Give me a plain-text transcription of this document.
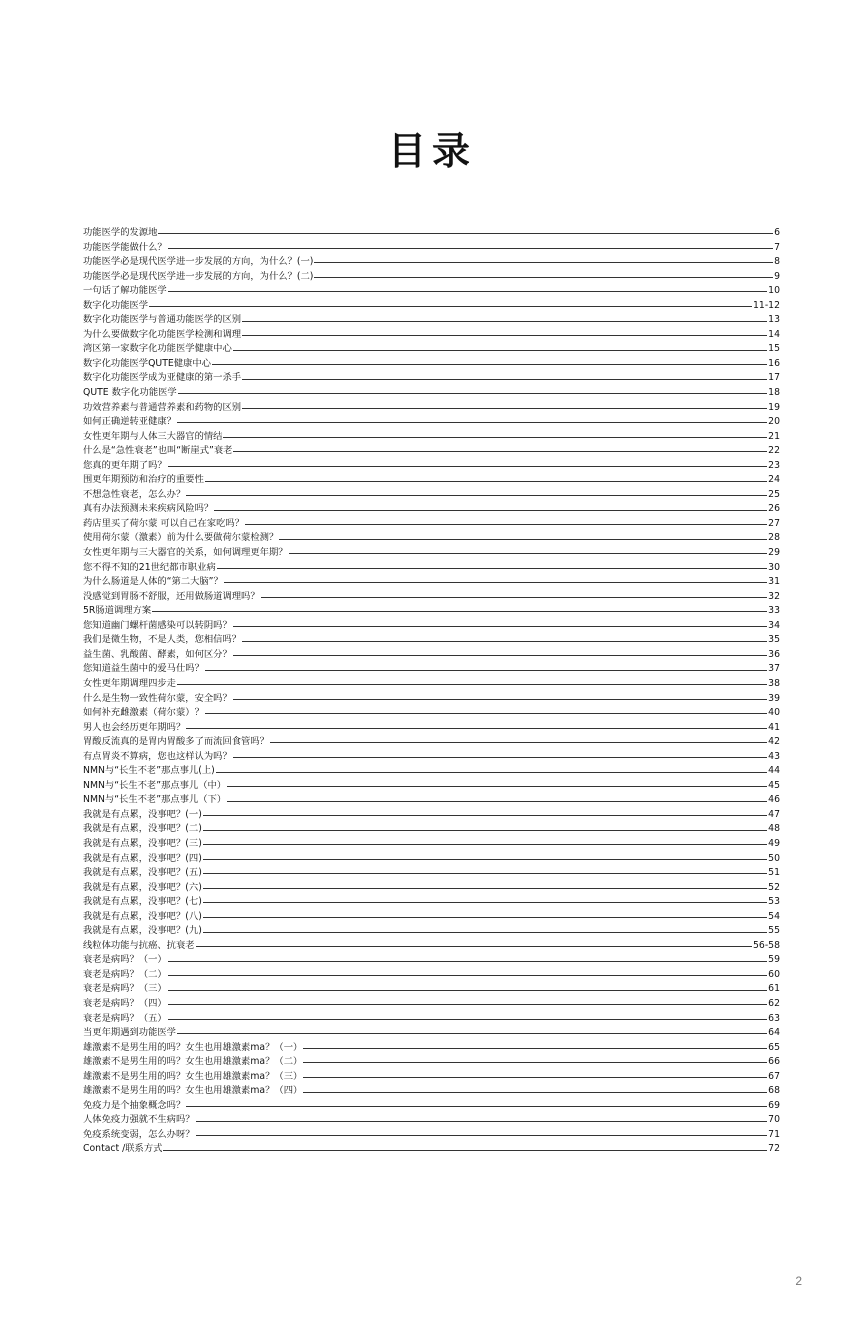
目录
功能医学的发源地	6
功能医学能做什么？	7
功能医学必是现代医学进一步发展的方向，为什么？(一)	8
功能医学必是现代医学进一步发展的方向，为什么？(二)	9
一句话了解功能医学	10
数字化功能医学	11-12
数字化功能医学与普通功能医学的区别	13
为什么要做数字化功能医学检测和调理	14
湾区第一家数字化功能医学健康中心	15
数字化功能医学QUTE健康中心	16
数字化功能医学成为亚健康的第一杀手	17
QUTE 数字化功能医学	18
功效营养素与普通营养素和药物的区别	19
如何正确逆转亚健康？	20
女性更年期与人体三大器官的情结	21
什么是“急性衰老”也叫“断崖式”衰老	22
您真的更年期了吗？	23
围更年期预防和治疗的重要性	24
不想急性衰老，怎么办？	25
真有办法预测未来疾病风险吗？	26
药店里买了荷尔蒙 可以自己在家吃吗？	27
使用荷尔蒙（激素）前为什么要做荷尔蒙检测？	28
女性更年期与三大器官的关系，如何调理更年期？	29
您不得不知的21世纪都市职业病	30
为什么肠道是人体的“第二大脑”？	31
没感觉到胃肠不舒服，还用做肠道调理吗？	32
5R肠道调理方案	33
您知道幽门螺杆菌感染可以转阴吗？	34
我们是微生物，不是人类，您相信吗？	35
益生菌、乳酸菌、酵素，如何区分？	36
您知道益生菌中的爱马仕吗？	37
女性更年期调理四步走	38
什么是生物一致性荷尔蒙，安全吗？	39
如何补充雌激素（荷尔蒙）？	40
男人也会经历更年期吗？	41
胃酸反流真的是胃内胃酸多了而流回食管吗？	42
有点胃炎不算病，您也这样认为吗？	43
NMN与“长生不老”那点事儿(上)	44
NMN与“长生不老”那点事儿（中）	45
NMN与“长生不老”那点事儿（下）	46
我就是有点累，没事吧？(一)	47
我就是有点累，没事吧？(二)	48
我就是有点累，没事吧？(三)	49
我就是有点累，没事吧？(四)	50
我就是有点累，没事吧？(五)	51
我就是有点累，没事吧？(六)	52
我就是有点累，没事吧？(七)	53
我就是有点累，没事吧？(八)	54
我就是有点累，没事吧？(九)	55
线粒体功能与抗癌、抗衰老	56-58
衰老是病吗？（一）	59
衰老是病吗？（二）	60
衰老是病吗？（三）	61
衰老是病吗？（四）	62
衰老是病吗？（五）	63
当更年期遇到功能医学	64
雄激素不是男生用的吗？女生也用雄激素ma？（一）	65
雄激素不是男生用的吗？女生也用雄激素ma？（二）	66
雄激素不是男生用的吗？女生也用雄激素ma？（三）	67
雄激素不是男生用的吗？女生也用雄激素ma？（四）	68
免疫力是个抽象概念吗？	69
人体免疫力强就不生病吗？	70
免疫系统变弱，怎么办呀？	71
Contact /联系方式	72
2
